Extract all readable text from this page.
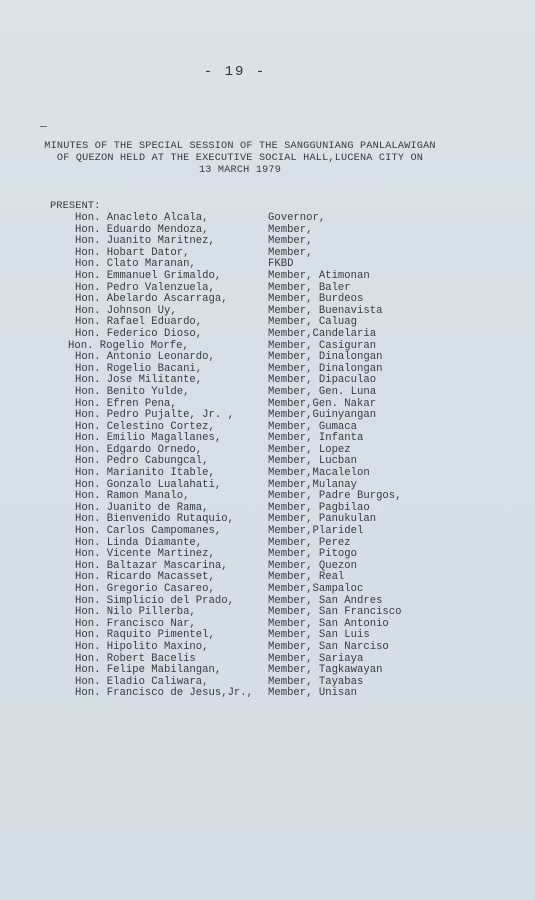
- 19 -
MINUTES OF THE SPECIAL SESSION OF THE SANGGUNIANG PANLALAWIGAN
OF QUEZON HELD AT THE EXECUTIVE SOCIAL HALL,LUCENA CITY ON
13 MARCH 1979
PRESENT:
Hon. Anacleto Alcala,	Governor,
Hon. Eduardo Mendoza,	Member,
Hon. Juanito Maritnez,	Member,
Hon. Hobart Dator,	Member,
Hon. Clato Maranan,	FKBD
Hon. Emmanuel Grimaldo,	Member, Atimonan
Hon. Pedro Valenzuela,	Member, Baler
Hon. Abelardo Ascarraga,	Member, Burdeos
Hon. Johnson Uy,	Member, Buenavista
Hon. Rafael Eduardo,	Member, Caluag
Hon. Federico Dioso,	Member,Candelaria
Hon. Rogelio Morfe,	Member, Casiguran
Hon. Antonio Leonardo,	Member, Dinalongan
Hon. Rogelio Bacani,	Member, Dinalongan
Hon. Jose Militante,	Member, Dipaculao
Hon. Benito Yulde,	Member, Gen. Luna
Hon. Efren Pena,	Member,Gen. Nakar
Hon. Pedro Pujalte, Jr. ,	Member,Guinyangan
Hon. Celestino Cortez,	Member, Gumaca
Hon. Emilio Magallanes,	Member, Infanta
Hon. Edgardo Ornedo,	Member, Lopez
Hon. Pedro Cabungcal,	Member, Lucban
Hon. Marianito Itable,	Member,Macalelon
Hon. Gonzalo Lualahati,	Member,Mulanay
Hon. Ramon Manalo,	Member, Padre Burgos,
Hon. Juanito de Rama,	Member, Pagbilao
Hon. Bienvenido Rutaquio,	Member, Panukulan
Hon. Carlos Campomanes,	Member,Plaridel
Hon. Linda Diamante,	Member, Perez
Hon. Vicente Martinez,	Member, Pitogo
Hon. Baltazar Mascarina,	Member, Quezon
Hon. Ricardo Macasset,	Member, Real
Hon. Gregorio Casareo,	Member,Sampaloc
Hon. Simplicio del Prado,	Member, San Andres
Hon. Nilo Pillerba,	Member, San Francisco
Hon. Francisco Nar,	Member, San Antonio
Hon. Raquito Pimentel,	Member, San Luis
Hon. Hipolito Maxino,	Member, San Narciso
Hon. Robert Bacelis	Member, Sariaya
Hon. Felipe Mabilangan,	Member, Tagkawayan
Hon. Eladio Caliwara,	Member, Tayabas
Hon. Francisco de Jesus,Jr., Member, Unisan
